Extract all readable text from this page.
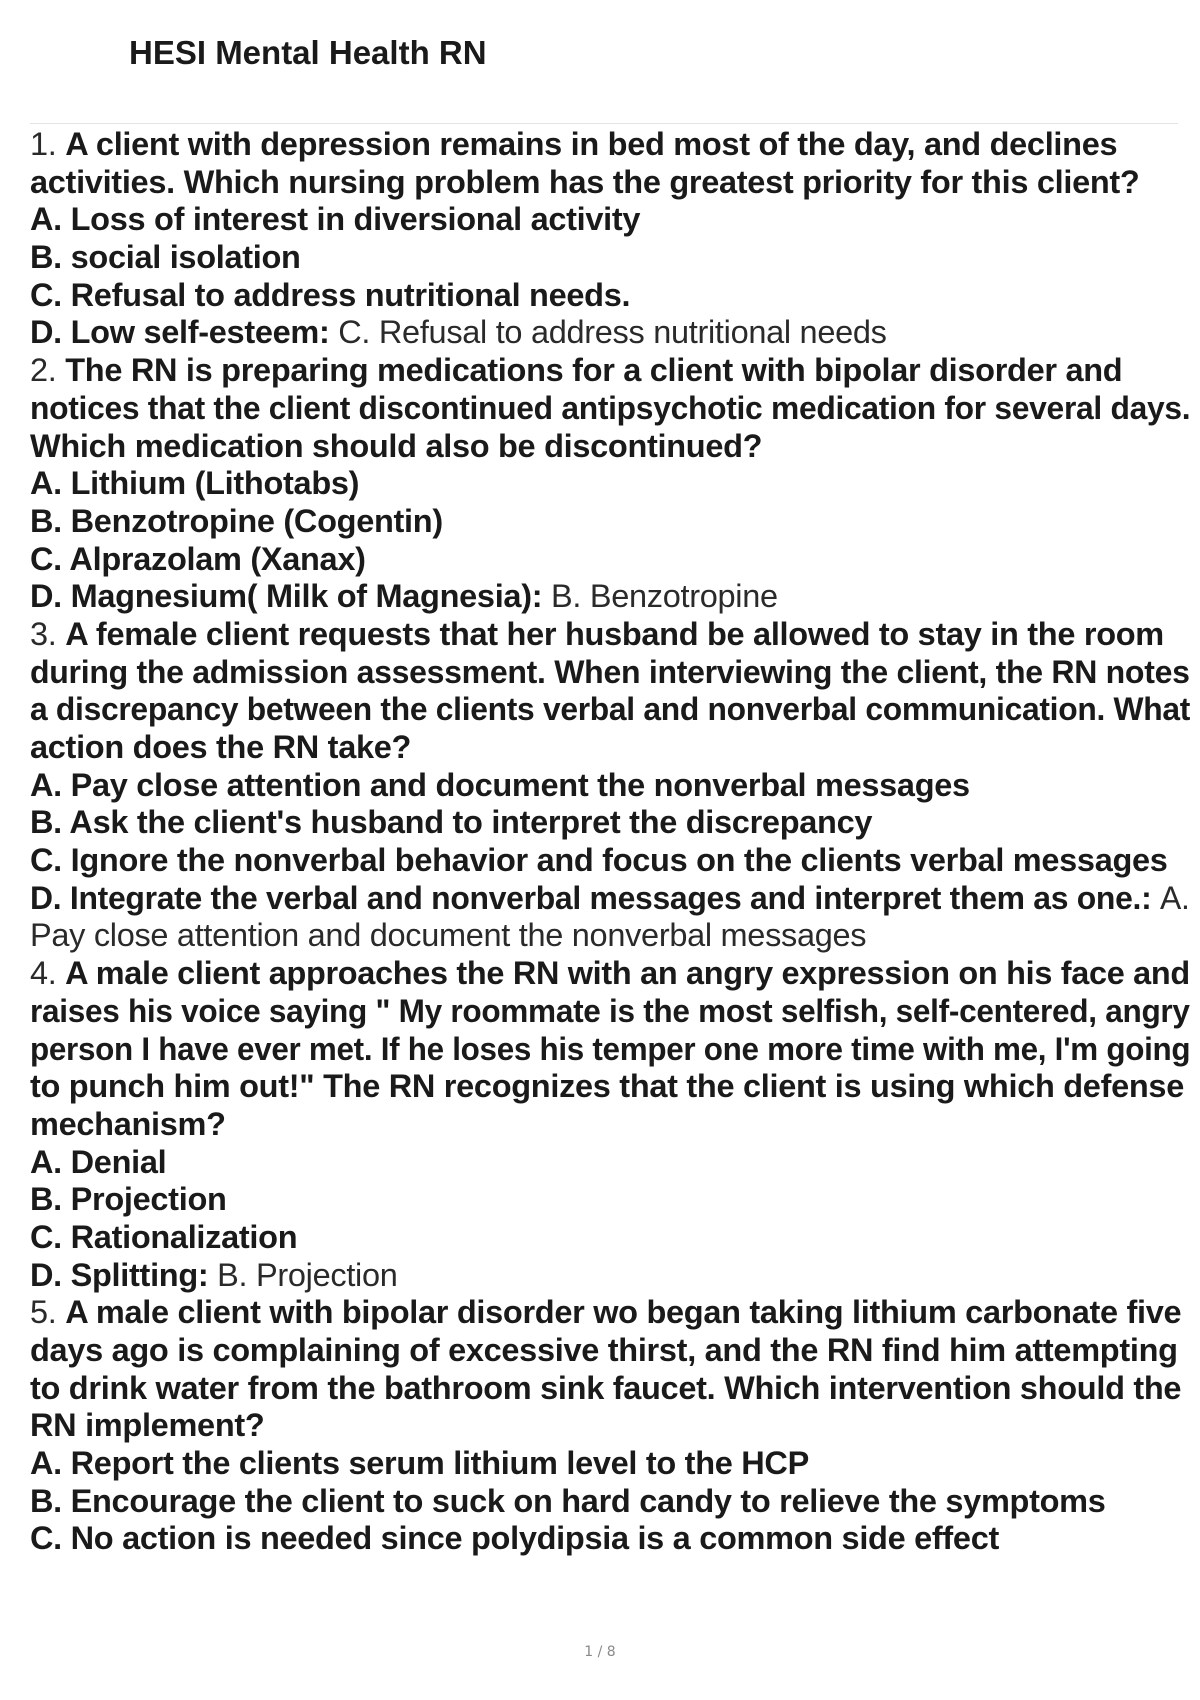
HESI Mental Health RN
1. A client with depression remains in bed most of the day, and declines
activities. Which nursing problem has the greatest priority for this client?
A. Loss of interest in diversional activity
B. social isolation
C. Refusal to address nutritional needs.
D. Low self-esteem: C. Refusal to address nutritional needs
2. The RN is preparing medications for a client with bipolar disorder and
notices that the client discontinued antipsychotic medication for several days.
Which medication should also be discontinued?
A. Lithium (Lithotabs)
B. Benzotropine (Cogentin)
C. Alprazolam (Xanax)
D. Magnesium( Milk of Magnesia): B. Benzotropine
3. A female client requests that her husband be allowed to stay in the room
during the admission assessment. When interviewing the client, the RN notes
a discrepancy between the clients verbal and nonverbal communication. What
action does the RN take?
A. Pay close attention and document the nonverbal messages
B. Ask the client's husband to interpret the discrepancy
C. Ignore the nonverbal behavior and focus on the clients verbal messages
D. Integrate the verbal and nonverbal messages and interpret them as one.: A.
Pay close attention and document the nonverbal messages
4. A male client approaches the RN with an angry expression on his face and
raises his voice saying " My roommate is the most selfish, self-centered, angry
person I have ever met. If he loses his temper one more time with me, I'm going
to punch him out!" The RN recognizes that the client is using which defense
mechanism?
A. Denial
B. Projection
C. Rationalization
D. Splitting: B. Projection
5. A male client with bipolar disorder wo began taking lithium carbonate five
days ago is complaining of excessive thirst, and the RN find him attempting
to drink water from the bathroom sink faucet. Which intervention should the
RN implement?
A. Report the clients serum lithium level to the HCP
B. Encourage the client to suck on hard candy to relieve the symptoms
C. No action is needed since polydipsia is a common side effect
1 / 8
